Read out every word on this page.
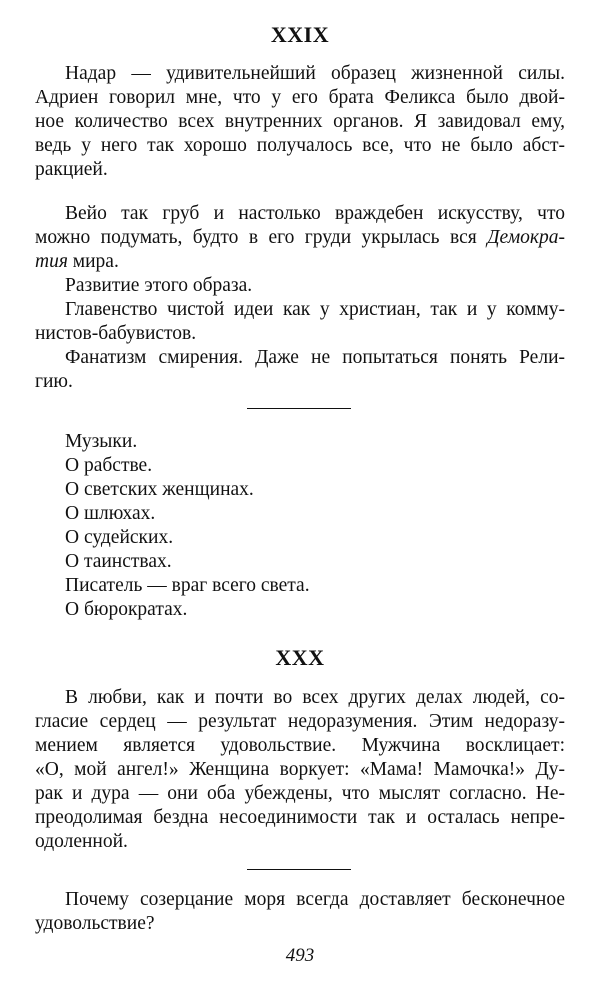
XXIX
Надар — удивительнейший образец жизненной силы.
Адриен говорил мне, что у его брата Феликса было двой-
ное количество всех внутренних органов. Я завидовал ему,
ведь у него так хорошо получалось все, что не было абст-
ракцией.
Вейо так груб и настолько враждебен искусству, что
можно подумать, будто в его груди укрылась вся Демокра-
тия мира.
Развитие этого образа.
Главенство чистой идеи как у христиан, так и у комму-
нистов-бабувистов.
Фанатизм смирения. Даже не попытаться понять Рели-
гию.
Музыки.
О рабстве.
О светских женщинах.
О шлюхах.
О судейских.
О таинствах.
Писатель — враг всего света.
О бюрократах.
XXX
В любви, как и почти во всех других делах людей, со-
гласие сердец — результат недоразумения. Этим недоразу-
мением является удовольствие. Мужчина восклицает:
«О, мой ангел!» Женщина воркует: «Мама! Мамочка!» Ду-
рак и дура — они оба убеждены, что мыслят согласно. Не-
преодолимая бездна несоединимости так и осталась непре-
одоленной.
Почему созерцание моря всегда доставляет бесконечное
удовольствие?
493
